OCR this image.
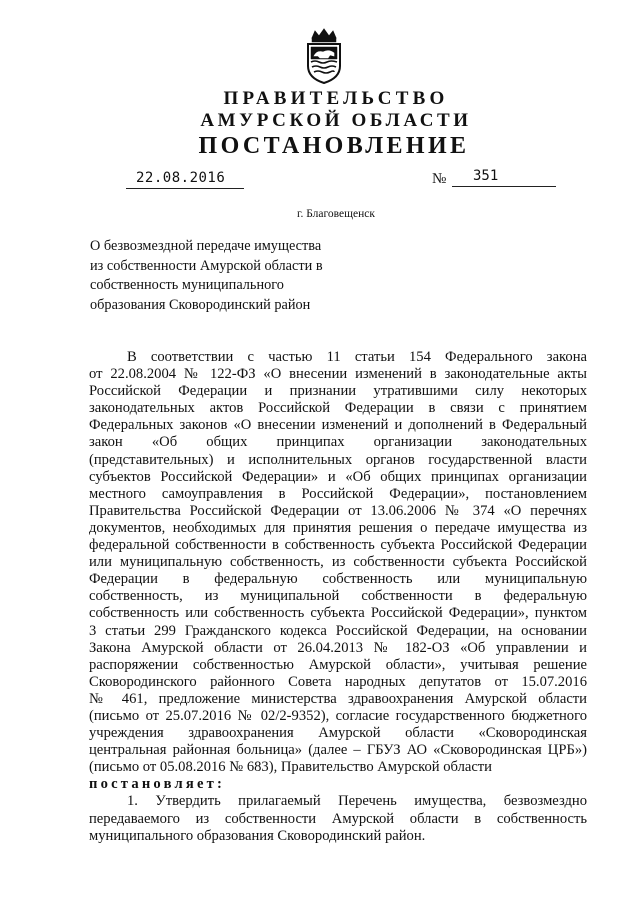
ПРАВИТЕЛЬСТВО
АМУРСКОЙ ОБЛАСТИ
ПОСТАНОВЛЕНИЕ
22.08.2016	№ 351
г. Благовещенск
О безвозмездной передаче имущества
из собственности Амурской области в
собственность муниципального
образования Сковородинский район
В соответствии с частью 11 статьи 154 Федерального закона
от 22.08.2004 № 122-ФЗ «О внесении изменений в законодательные акты
Российской Федерации и признании утратившими силу некоторых
законодательных актов Российской Федерации в связи с принятием
Федеральных законов «О внесении изменений и дополнений в Федеральный
закон «Об общих принципах организации законодательных
(представительных) и исполнительных органов государственной власти
субъектов Российской Федерации» и «Об общих принципах организации
местного самоуправления в Российской Федерации», постановлением
Правительства Российской Федерации от 13.06.2006 № 374 «О перечнях
документов, необходимых для принятия решения о передаче имущества из
федеральной собственности в собственность субъекта Российской Федерации
или муниципальную собственность, из собственности субъекта Российской
Федерации в федеральную собственность или муниципальную
собственность, из муниципальной собственности в федеральную
собственность или собственность субъекта Российской Федерации», пунктом
3 статьи 299 Гражданского кодекса Российской Федерации, на основании
Закона Амурской области от 26.04.2013 № 182-ОЗ «Об управлении и
распоряжении собственностью Амурской области», учитывая решение
Сковородинского районного Совета народных депутатов от 15.07.2016
№ 461, предложение министерства здравоохранения Амурской области
(письмо от 25.07.2016 № 02/2-9352), согласие государственного бюджетного
учреждения здравоохранения Амурской области «Сковородинская
центральная районная больница» (далее – ГБУЗ АО «Сковородинская ЦРБ»)
(письмо от 05.08.2016 № 683), Правительство Амурской области
постановляет:
1. Утвердить прилагаемый Перечень имущества, безвозмездно
передаваемого из собственности Амурской области в собственность
муниципального образования Сковородинский район.
